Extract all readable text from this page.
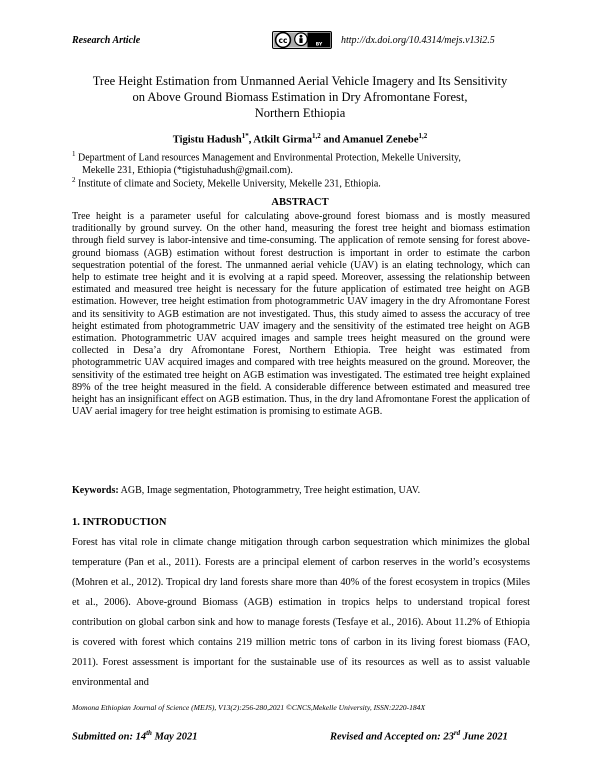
Research Article	cc
BY http://dx.doi.org/10.4314/mejs.v13i2.5
Tree Height Estimation from Unmanned Aerial Vehicle Imagery and Its Sensitivity
on Above Ground Biomass Estimation in Dry Afromontane Forest,
Northern Ethiopia
Tigistu Hadush$^{1*}$, Atkilt Girma$^{1,2}$ and Amanuel Zenebe$^{1,2}$
$^1$ Department of Land resources Management and Environmental Protection, Mekelle University,
Mekelle 231, Ethiopia (*tigistuhadush@gmail.com).
$^2$ Institute of climate and Society, Mekelle University, Mekelle 231, Ethiopia.
ABSTRACT
Tree height is a parameter useful for calculating above-ground forest biomass and is mostly measured traditionally by ground survey. On the other hand, measuring the forest tree height and biomass estimation through field survey is labor-intensive and time-consuming. The application of remote sensing for forest above-ground biomass (AGB) estimation without forest destruction is important in order to estimate the carbon sequestration potential of the forest. The unmanned aerial vehicle (UAV) is an elating technology, which can help to estimate tree height and it is evolving at a rapid speed. Moreover, assessing the relationship between estimated and measured tree height is necessary for the future application of estimated tree height on AGB estimation. However, tree height estimation from photogrammetric UAV imagery in the dry Afromontane Forest and its sensitivity to AGB estimation are not investigated. Thus, this study aimed to assess the accuracy of tree height estimated from photogrammetric UAV imagery and the sensitivity of the estimated tree height on AGB estimation. Photogrammetric UAV acquired images and sample trees height measured on the ground were collected in Desa’a dry Afromontane Forest, Northern Ethiopia. Tree height was estimated from photogrammetric UAV acquired images and compared with tree heights measured on the ground. Moreover, the sensitivity of the estimated tree height on AGB estimation was investigated. The estimated tree height explained 89% of the tree height measured in the field. A considerable difference between estimated and measured tree height has an insignificant effect on AGB estimation. Thus, in the dry land Afromontane Forest the application of UAV aerial imagery for tree height estimation is promising to estimate AGB.
Keywords: AGB, Image segmentation, Photogrammetry, Tree height estimation, UAV.
1. INTRODUCTION
Forest has vital role in climate change mitigation through carbon sequestration which minimizes the global temperature (Pan et al., 2011). Forests are a principal element of carbon reserves in the world’s ecosystems (Mohren et al., 2012). Tropical dry land forests share more than 40% of the forest ecosystem in tropics (Miles et al., 2006). Above-ground Biomass (AGB) estimation in tropics helps to understand tropical forest contribution on global carbon sink and how to manage forests (Tesfaye et al., 2016). About 11.2% of Ethiopia is covered with forest which contains 219 million metric tons of carbon in its living forest biomass (FAO, 2011). Forest assessment is important for the sustainable use of its resources as well as to assist valuable environmental and
Momona Ethiopian Journal of Science (MEJS), V13(2):256-280,2021 ©CNCS,Mekelle University, ISSN:2220-184X
Submitted on: 14th May 2021	Revised and Accepted on: 23rd June 2021
